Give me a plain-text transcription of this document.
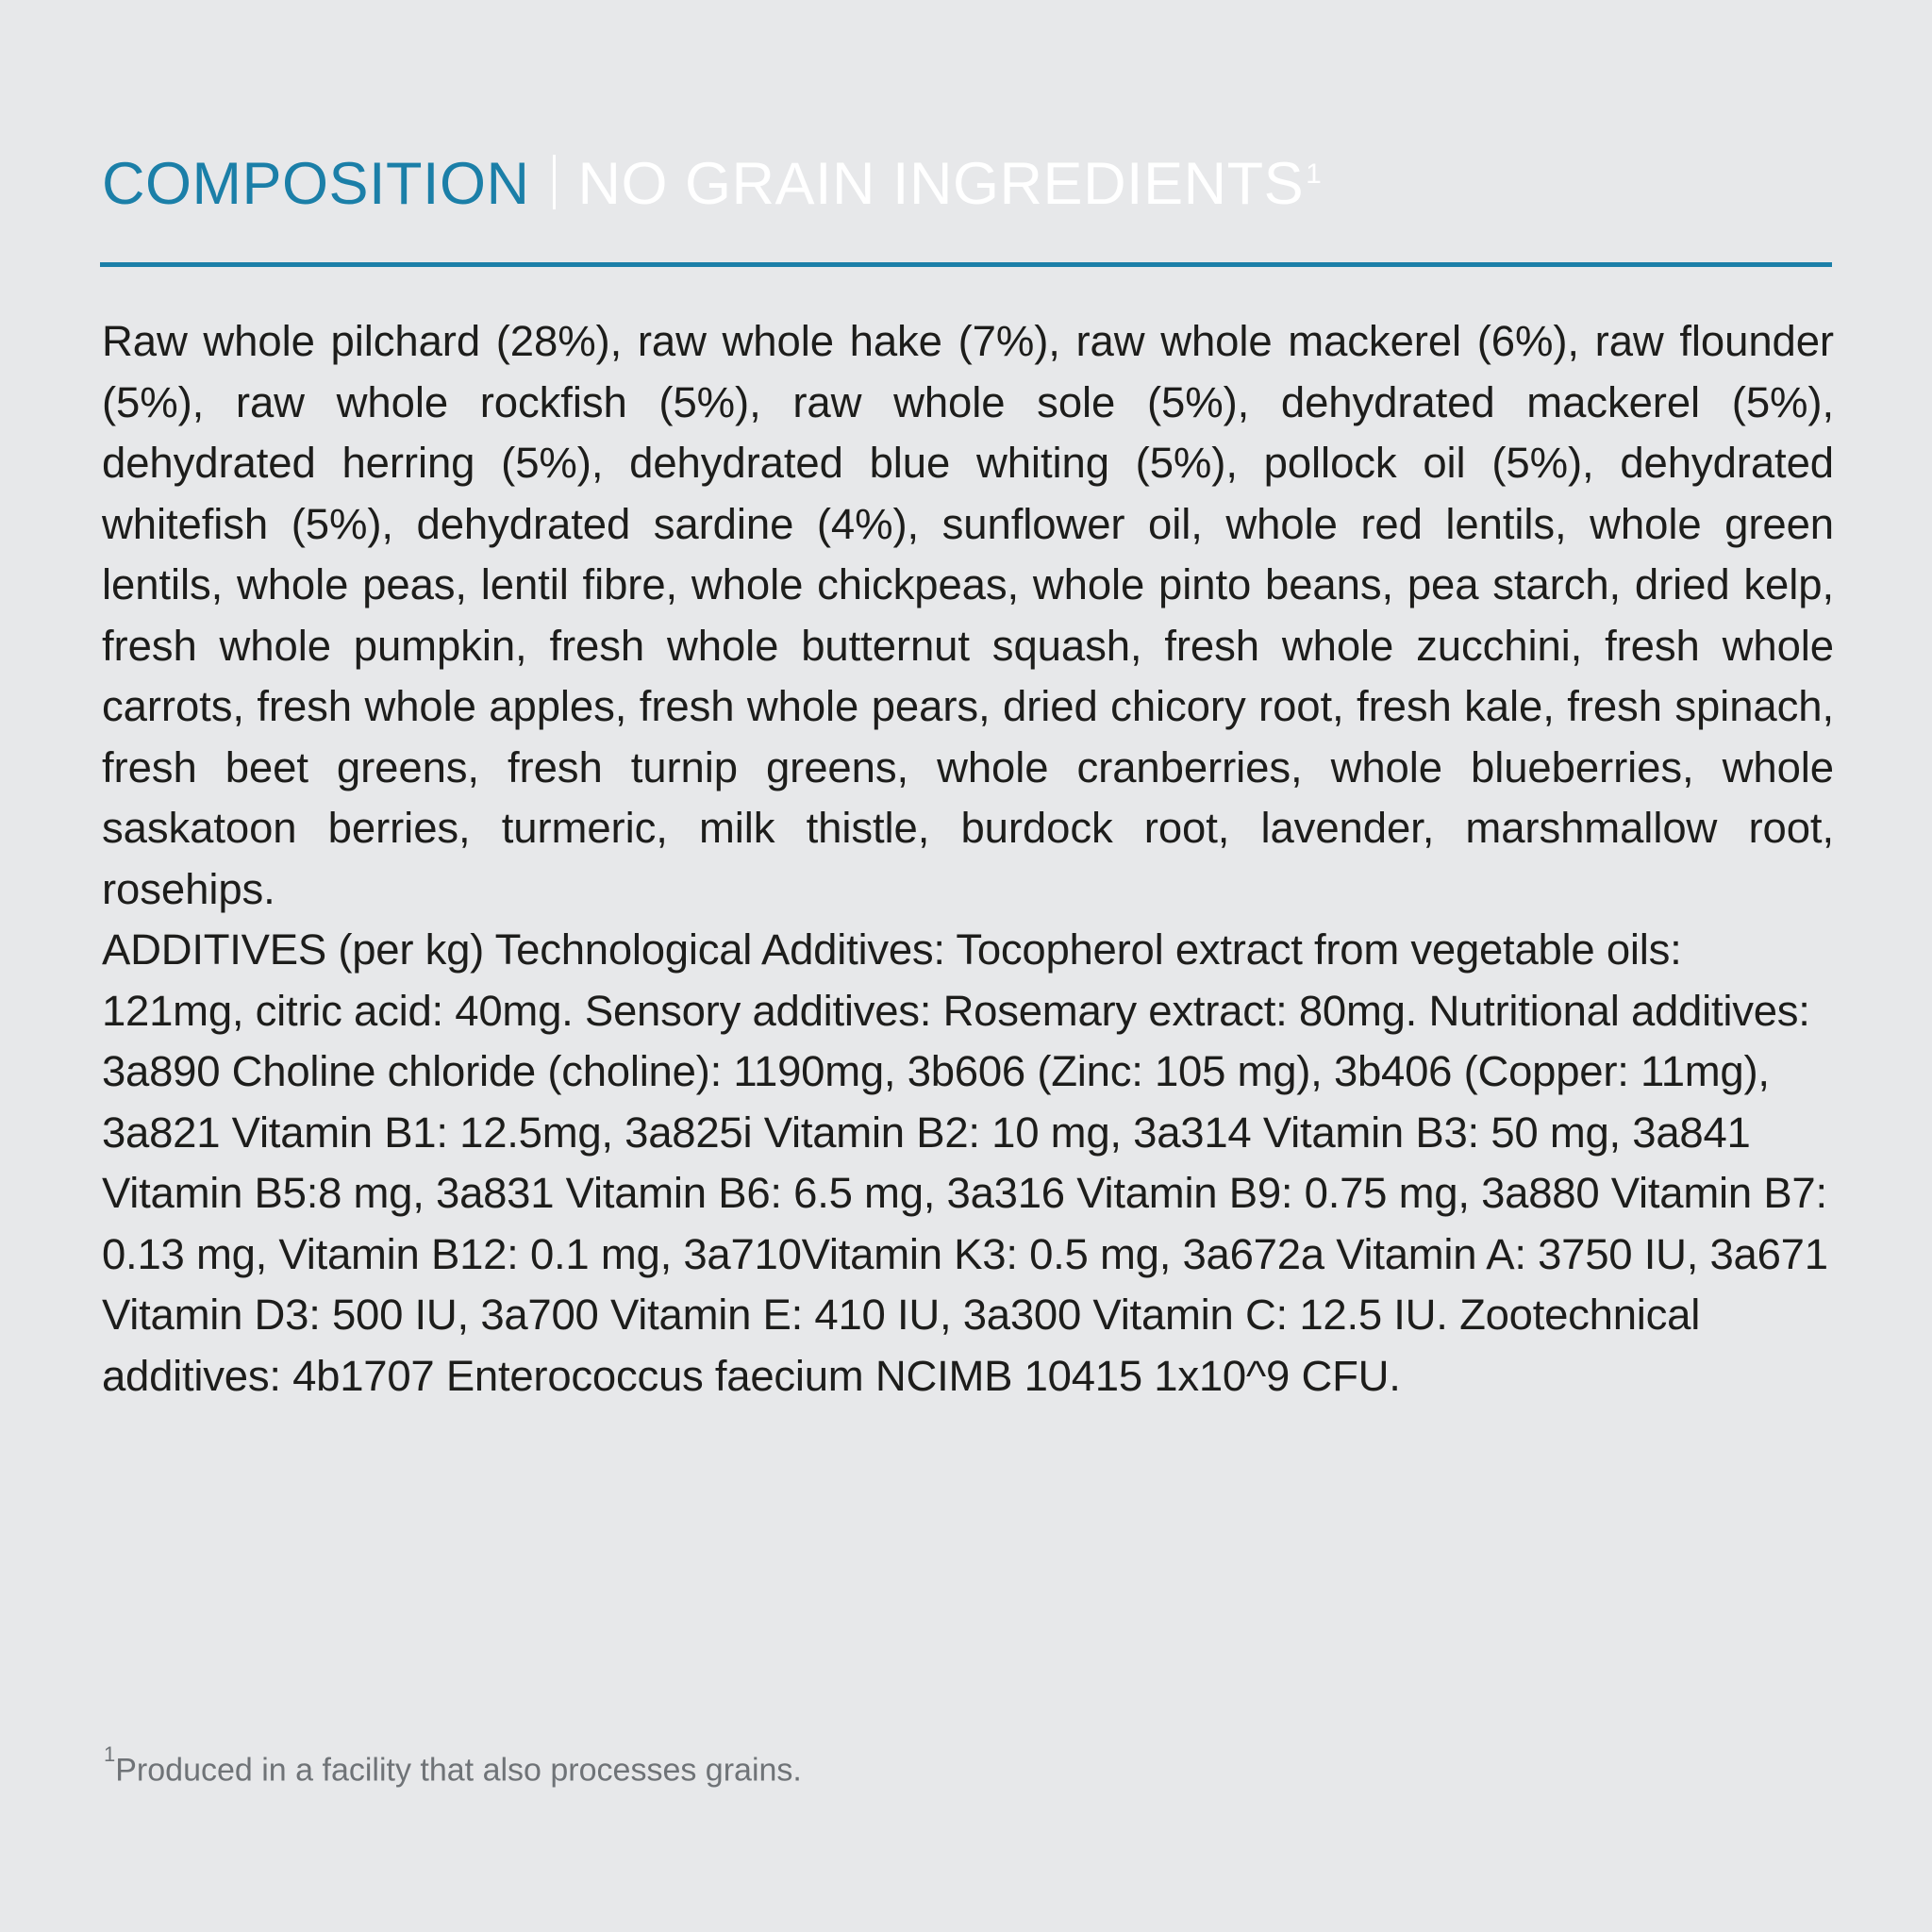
COMPOSITION NO GRAIN INGREDIENTS 1

Raw whole pilchard (28%), raw whole hake (7%), raw whole mackerel (6%), raw flounder (5%), raw whole rockfish (5%), raw whole sole (5%), dehydrated mackerel (5%), dehydrated herring (5%), dehydrated blue whiting (5%), pollock oil (5%), dehydrated whitefish (5%), dehydrated sardine (4%), sunflower oil, whole red lentils, whole green lentils, whole peas, lentil fibre, whole chickpeas, whole pinto beans, pea starch, dried kelp, fresh whole pumpkin, fresh whole butternut squash, fresh whole zucchini, fresh whole carrots, fresh whole apples, fresh whole pears, dried chicory root, fresh kale, fresh spinach, fresh beet greens, fresh turnip greens, whole cranberries, whole blueberries, whole saskatoon berries, turmeric, milk thistle, burdock root, lavender, marshmallow root, rosehips.

ADDITIVES (per kg) Technological Additives: Tocopherol extract from vegetable oils: 121mg, citric acid: 40mg. Sensory additives: Rosemary extract: 80mg. Nutritional additives: 3a890 Choline chloride (choline): 1190mg, 3b606 (Zinc: 105 mg), 3b406 (Copper: 11mg), 3a821 Vitamin B1: 12.5mg, 3a825i Vitamin B2: 10 mg, 3a314 Vitamin B3: 50 mg, 3a841 Vitamin B5:8 mg, 3a831 Vitamin B6: 6.5 mg, 3a316 Vitamin B9: 0.75 mg, 3a880 Vitamin B7: 0.13 mg, Vitamin B12: 0.1 mg, 3a710Vitamin K3: 0.5 mg, 3a672a Vitamin A: 3750 IU, 3a671 Vitamin D3: 500 IU, 3a700 Vitamin E: 410 IU, 3a300 Vitamin C: 12.5 IU. Zootechnical additives: 4b1707 Enterococcus faecium NCIMB 10415 1x10^9 CFU.

$^1$Produced in a facility that also processes grains.
